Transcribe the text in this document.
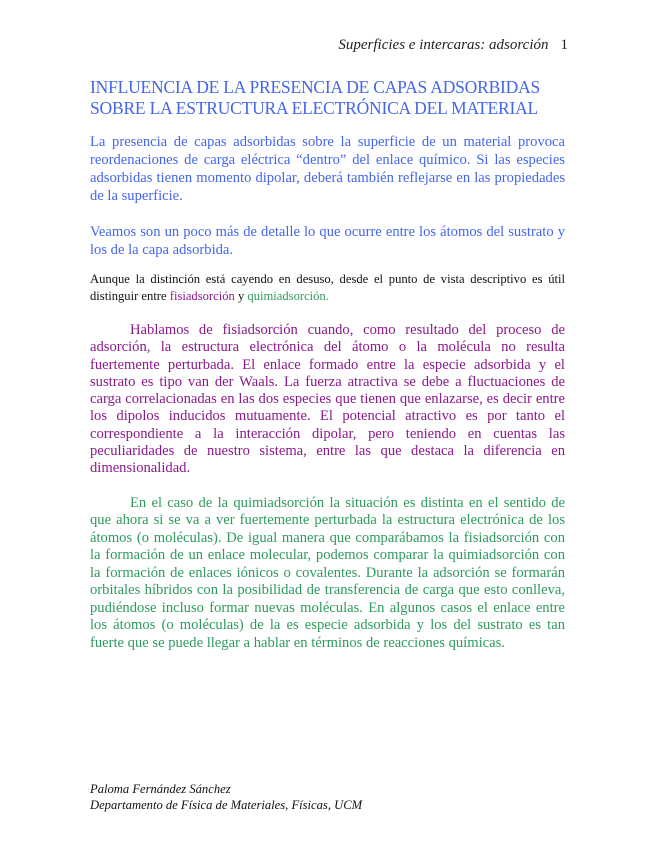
Superficies e intercaras: adsorción 1
INFLUENCIA DE LA PRESENCIA DE CAPAS ADSORBIDAS
SOBRE LA ESTRUCTURA ELECTRÓNICA DEL MATERIAL

La presencia de capas adsorbidas sobre la superficie de un material provoca reordenaciones de carga eléctrica “dentro” del enlace químico. Si las especies adsorbidas tienen momento dipolar, deberá también reflejarse en las propiedades de la superficie.

Veamos son un poco más de detalle lo que ocurre entre los átomos del sustrato y los de la capa adsorbida.

Aunque la distinción está cayendo en desuso, desde el punto de vista descriptivo es útil distinguir entre fisiadsorción y quimiadsorción.

Hablamos de fisiadsorción cuando, como resultado del proceso de adsorción, la estructura electrónica del átomo o la molécula no resulta fuertemente perturbada. El enlace formado entre la especie adsorbida y el sustrato es tipo van der Waals. La fuerza atractiva se debe a fluctuaciones de carga correlacionadas en las dos especies que tienen que enlazarse, es decir entre los dipolos inducidos mutuamente. El potencial atractivo es por tanto el correspondiente a la interacción dipolar, pero teniendo en cuentas las peculiaridades de nuestro sistema, entre las que destaca la diferencia en dimensionalidad.

En el caso de la quimiadsorción la situación es distinta en el sentido de que ahora si se va a ver fuertemente perturbada la estructura electrónica de los átomos (o moléculas). De igual manera que comparábamos la fisiadsorción con la formación de un enlace molecular, podemos comparar la quimiadsorción con la formación de enlaces iónicos o covalentes. Durante la adsorción se formarán orbitales híbridos con la posibilidad de transferencia de carga que esto conlleva, pudiéndose incluso formar nuevas moléculas. En algunos casos el enlace entre los átomos (o moléculas) de la es especie adsorbida y los del sustrato es tan fuerte que se puede llegar a hablar en términos de reacciones químicas.

Paloma Fernández Sánchez
Departamento de Física de Materiales, Físicas, UCM
